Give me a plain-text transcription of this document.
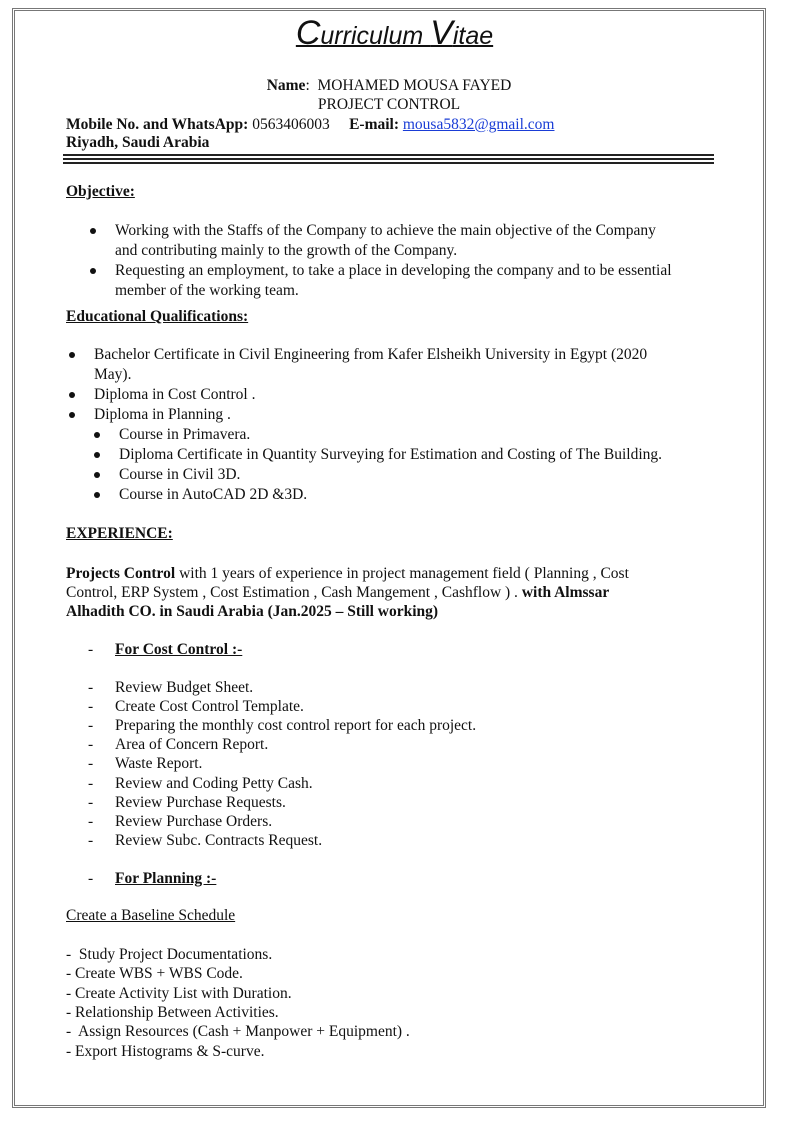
Curriculum Vitae
Name:  MOHAMED MOUSA FAYED
PROJECT CONTROL
Mobile No. and WhatsApp: 0563406003 E-mail: mousa5832@gmail.com
Riyadh, Saudi Arabia
Objective:
Working with the Staffs of the Company to achieve the main objective of the Company
and contributing mainly to the growth of the Company.
Requesting an employment, to take a place in developing the company and to be essential
member of the working team.
Educational Qualifications:
Bachelor Certificate in Civil Engineering from Kafer Elsheikh University in Egypt (2020
May).
Diploma in Cost Control .
Diploma in Planning .
Course in Primavera.
Diploma Certificate in Quantity Surveying for Estimation and Costing of The Building.
Course in Civil 3D.
Course in AutoCAD 2D &3D.
EXPERIENCE:
Projects Control with 1 years of experience in project management field ( Planning , Cost
Control, ERP System , Cost Estimation , Cash Mangement , Cashflow ) . with Almssar
Alhadith CO. in Saudi Arabia (Jan.2025 – Still working)
- For Cost Control :-
- Review Budget Sheet.
- Create Cost Control Template.
- Preparing the monthly cost control report for each project.
- Area of Concern Report.
- Waste Report.
- Review and Coding Petty Cash.
- Review Purchase Requests.
- Review Purchase Orders.
- Review Subc. Contracts Request.
- For Planning :-
Create a Baseline Schedule
-  Study Project Documentations.
- Create WBS + WBS Code.
- Create Activity List with Duration.
- Relationship Between Activities.
-  Assign Resources (Cash + Manpower + Equipment) .
- Export Histograms & S-curve.
